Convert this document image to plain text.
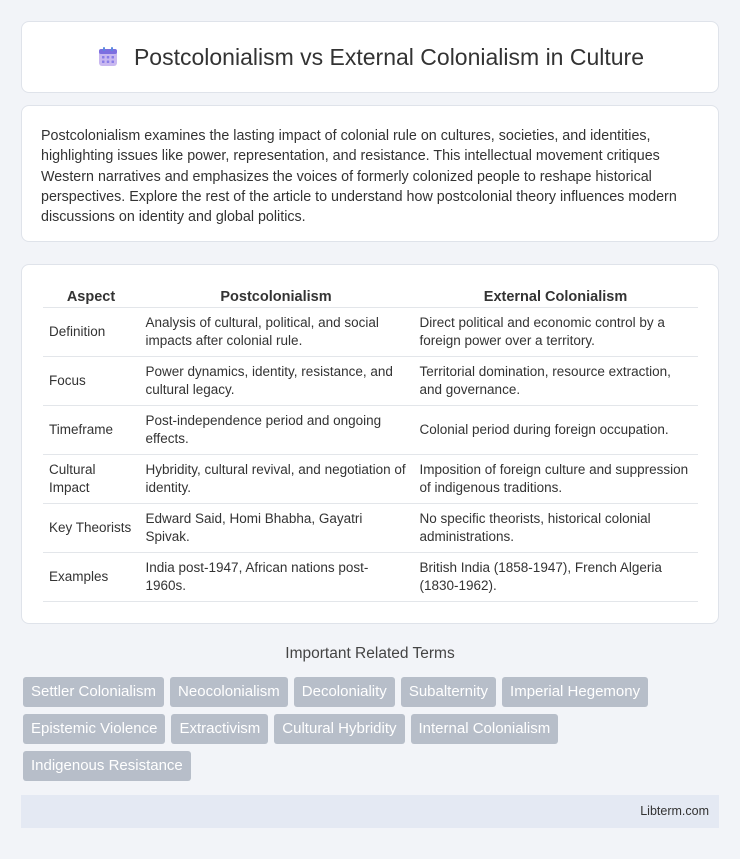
Postcolonialism vs External Colonialism in Culture

Postcolonialism examines the lasting impact of colonial rule on cultures, societies, and identities, highlighting issues like power, representation, and resistance. This intellectual movement critiques Western narratives and emphasizes the voices of formerly colonized people to reshape historical perspectives. Explore the rest of the article to understand how postcolonial theory influences modern discussions on identity and global politics.

Aspect	Postcolonialism	External Colonialism
Definition	Analysis of cultural, political, and social impacts after colonial rule.	Direct political and economic control by a foreign power over a territory.
Focus	Power dynamics, identity, resistance, and cultural legacy.	Territorial domination, resource extraction, and governance.
Timeframe	Post-independence period and ongoing effects.	Colonial period during foreign occupation.
Cultural Impact	Hybridity, cultural revival, and negotiation of identity.	Imposition of foreign culture and suppression of indigenous traditions.
Key Theorists	Edward Said, Homi Bhabha, Gayatri Spivak.	No specific theorists, historical colonial administrations.
Examples	India post-1947, African nations post-1960s.	British India (1858-1947), French Algeria (1830-1962).
Important Related Terms
Settler Colonialism	Neocolonialism	Decoloniality	Subalternity	Imperial Hegemony
Epistemic Violence	Extractivism	Cultural Hybridity	Internal Colonialism
Indigenous Resistance
Libterm.com
